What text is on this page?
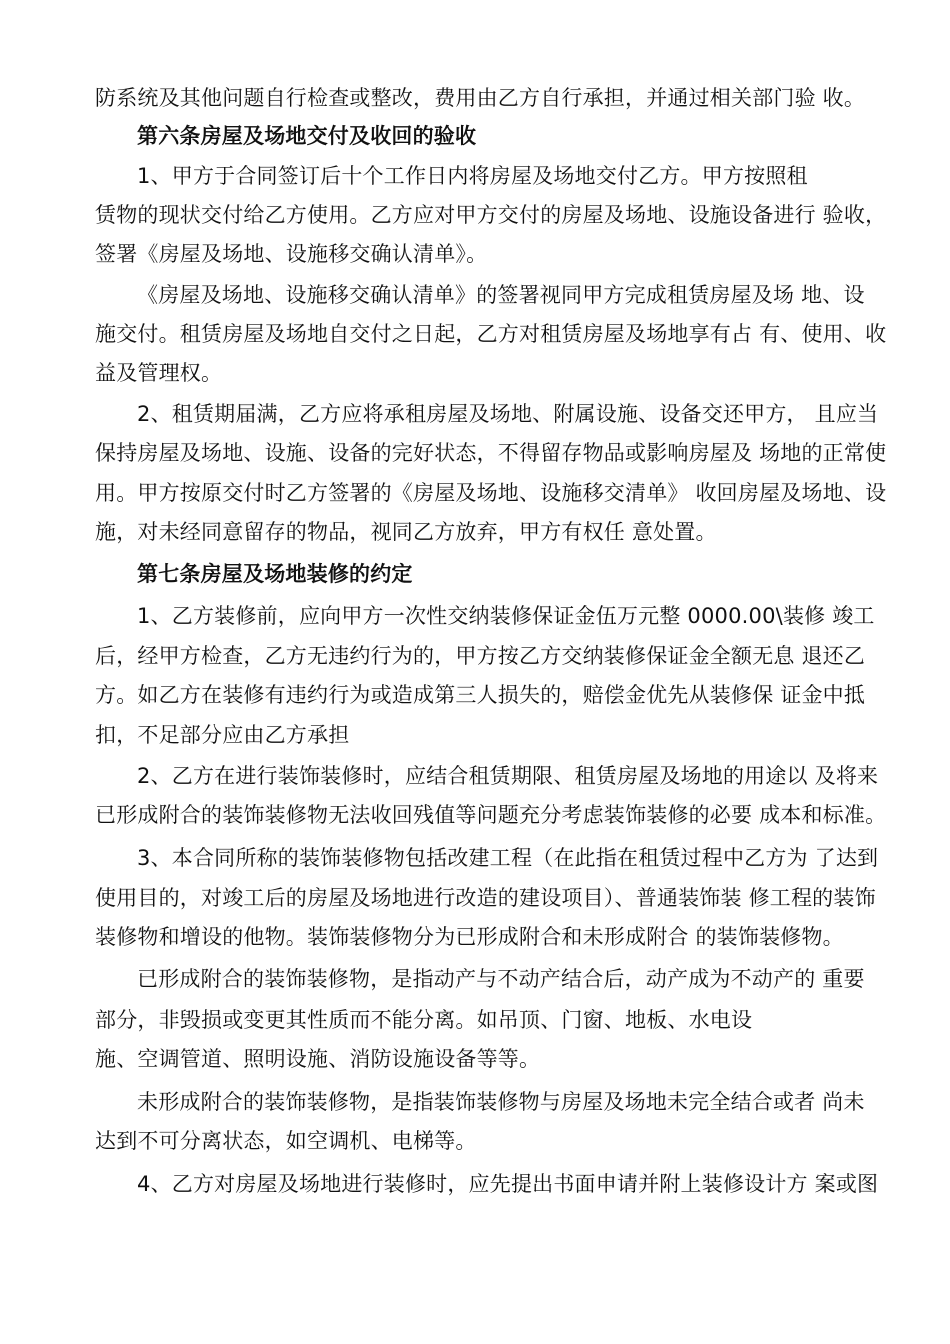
防系统及其他问题自行检查或整改，费用由乙方自行承担，并通过相关部门验 收。
第六条房屋及场地交付及收回的验收
1、甲方于合同签订后十个工作日内将房屋及场地交付乙方。甲方按照租
赁物的现状交付给乙方使用。乙方应对甲方交付的房屋及场地、设施设备进行 验收，
签署《房屋及场地、设施移交确认清单》。
《房屋及场地、设施移交确认清单》的签署视同甲方完成租赁房屋及场 地、设
施交付。租赁房屋及场地自交付之日起，乙方对租赁房屋及场地享有占 有、使用、收
益及管理权。
2、租赁期届满，乙方应将承租房屋及场地、附属设施、设备交还甲方， 且应当
保持房屋及场地、设施、设备的完好状态，不得留存物品或影响房屋及 场地的正常使
用。甲方按原交付时乙方签署的《房屋及场地、设施移交清单》 收回房屋及场地、设
施，对未经同意留存的物品，视同乙方放弃，甲方有权任 意处置。
第七条房屋及场地装修的约定
1、乙方装修前，应向甲方一次性交纳装修保证金伍万元整 0000.00\装修 竣工
后，经甲方检查，乙方无违约行为的，甲方按乙方交纳装修保证金全额无息 退还乙
方。如乙方在装修有违约行为或造成第三人损失的，赔偿金优先从装修保 证金中抵
扣，不足部分应由乙方承担
2、乙方在进行装饰装修时，应结合租赁期限、租赁房屋及场地的用途以 及将来
已形成附合的装饰装修物无法收回残值等问题充分考虑装饰装修的必要 成本和标准。
3、本合同所称的装饰装修物包括改建工程（在此指在租赁过程中乙方为 了达到
使用目的，对竣工后的房屋及场地进行改造的建设项目）、普通装饰装 修工程的装饰
装修物和增设的他物。装饰装修物分为已形成附合和未形成附合 的装饰装修物。
已形成附合的装饰装修物，是指动产与不动产结合后，动产成为不动产的 重要
部分，非毁损或变更其性质而不能分离。如吊顶、门窗、地板、水电设
施、空调管道、照明设施、消防设施设备等等。
未形成附合的装饰装修物，是指装饰装修物与房屋及场地未完全结合或者 尚未
达到不可分离状态，如空调机、电梯等。
4、乙方对房屋及场地进行装修时，应先提出书面申请并附上装修设计方 案或图
